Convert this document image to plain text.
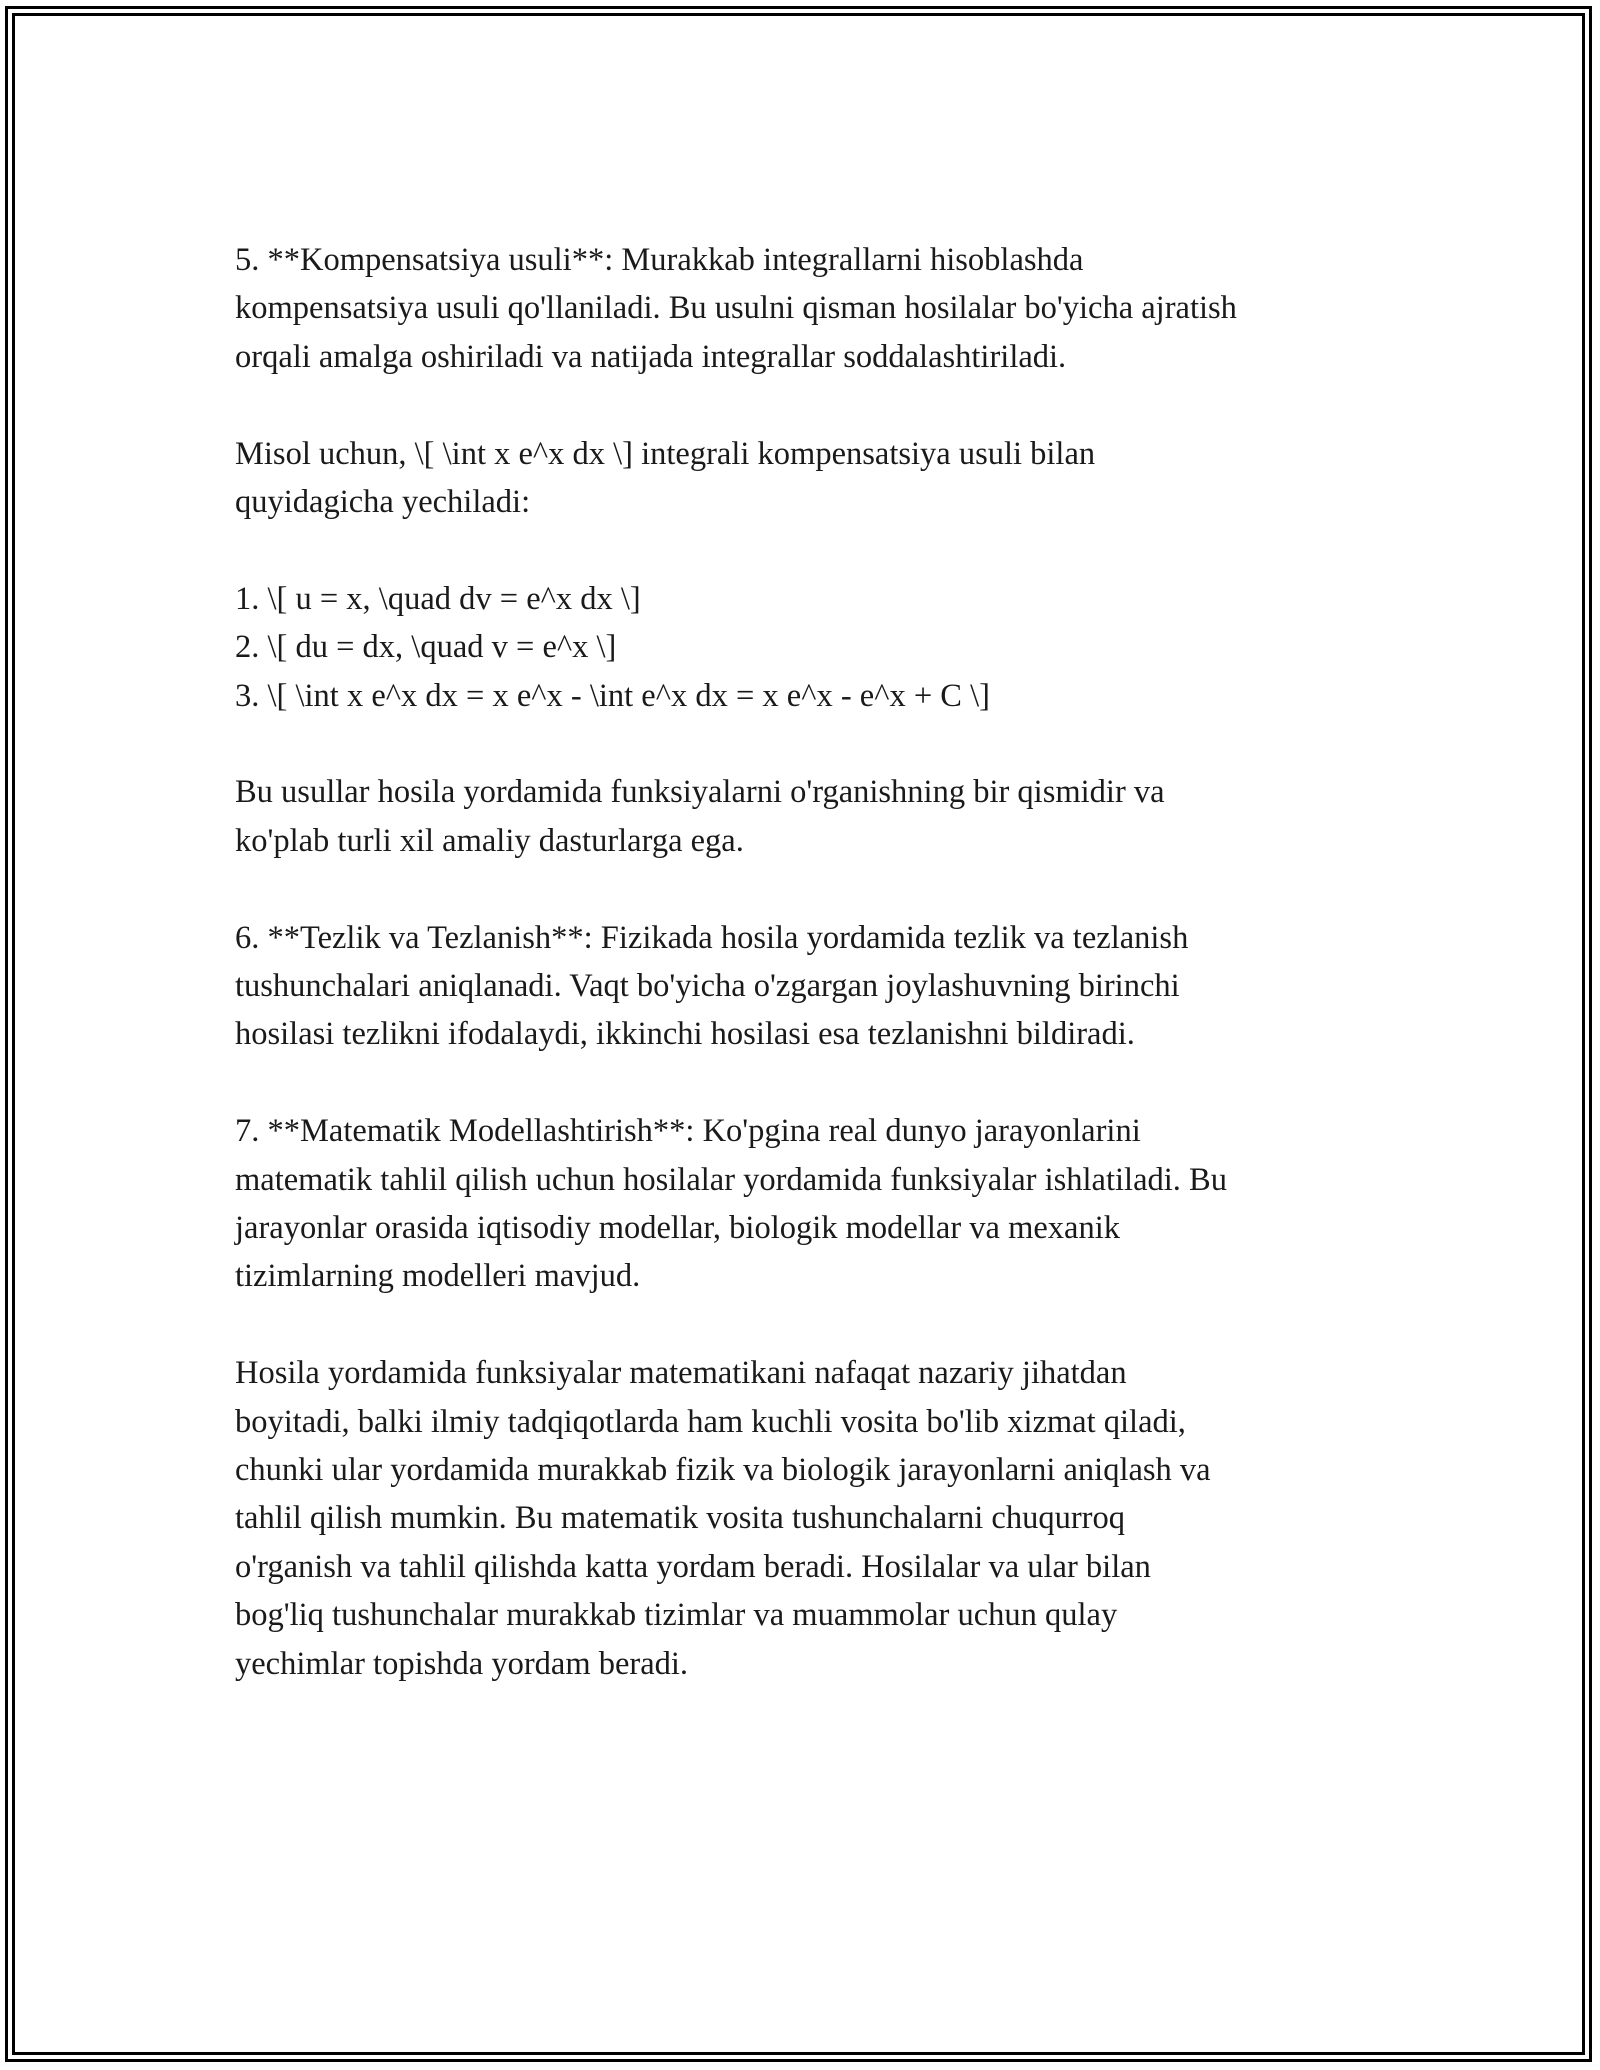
5. **Kompensatsiya usuli**: Murakkab integrallarni hisoblashda
kompensatsiya usuli qo'llaniladi. Bu usulni qisman hosilalar bo'yicha ajratish
orqali amalga oshiriladi va natijada integrallar soddalashtiriladi.

Misol uchun, \[ \int x e^x dx \] integrali kompensatsiya usuli bilan
quyidagicha yechiladi:

1. \[ u = x, \quad dv = e^x dx \]
2. \[ du = dx, \quad v = e^x \]
3. \[ \int x e^x dx = x e^x - \int e^x dx = x e^x - e^x + C \]

Bu usullar hosila yordamida funksiyalarni o'rganishning bir qismidir va
ko'plab turli xil amaliy dasturlarga ega.

6. **Tezlik va Tezlanish**: Fizikada hosila yordamida tezlik va tezlanish
tushunchalari aniqlanadi. Vaqt bo'yicha o'zgargan joylashuvning birinchi
hosilasi tezlikni ifodalaydi, ikkinchi hosilasi esa tezlanishni bildiradi.

7. **Matematik Modellashtirish**: Ko'pgina real dunyo jarayonlarini
matematik tahlil qilish uchun hosilalar yordamida funksiyalar ishlatiladi. Bu
jarayonlar orasida iqtisodiy modellar, biologik modellar va mexanik
tizimlarning modelleri mavjud.

Hosila yordamida funksiyalar matematikani nafaqat nazariy jihatdan
boyitadi, balki ilmiy tadqiqotlarda ham kuchli vosita bo'lib xizmat qiladi,
chunki ular yordamida murakkab fizik va biologik jarayonlarni aniqlash va
tahlil qilish mumkin. Bu matematik vosita tushunchalarni chuqurroq
o'rganish va tahlil qilishda katta yordam beradi. Hosilalar va ular bilan
bog'liq tushunchalar murakkab tizimlar va muammolar uchun qulay
yechimlar topishda yordam beradi.
